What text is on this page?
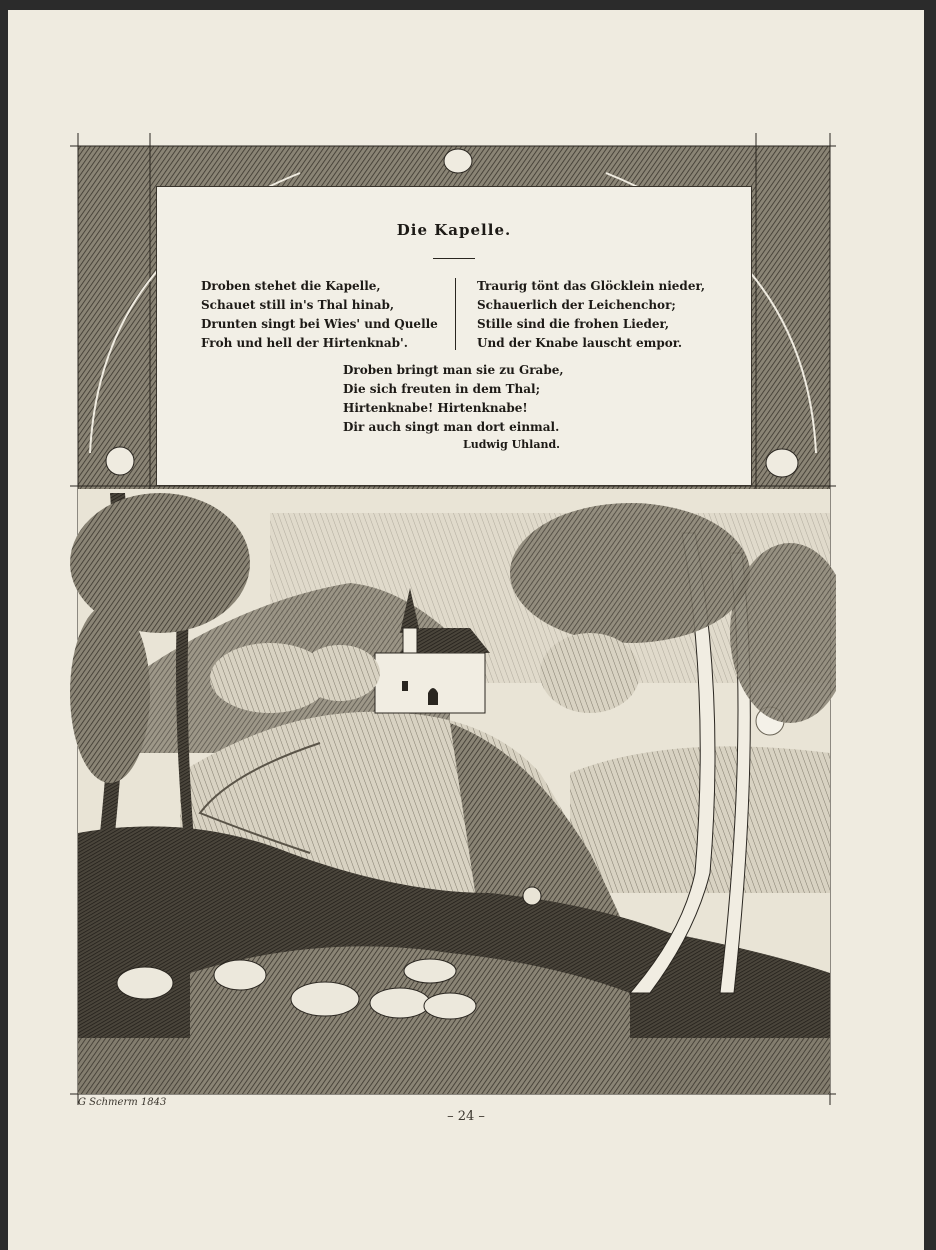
Die Kapelle.
Droben stehet die Kapelle,
Schauet still in's Thal hinab,
Drunten singt bei Wies' und Quelle
Froh und hell der Hirtenknab'.
Traurig tönt das Glöcklein nieder,
Schauerlich der Leichenchor;
Stille sind die frohen Lieder,
Und der Knabe lauscht empor.
Droben bringt man sie zu Grabe,
Die sich freuten in dem Thal;
Hirtenknabe! Hirtenknabe!
Dir auch singt man dort einmal.
Ludwig Uhland.
G Schmerm 1843
– 24 –
